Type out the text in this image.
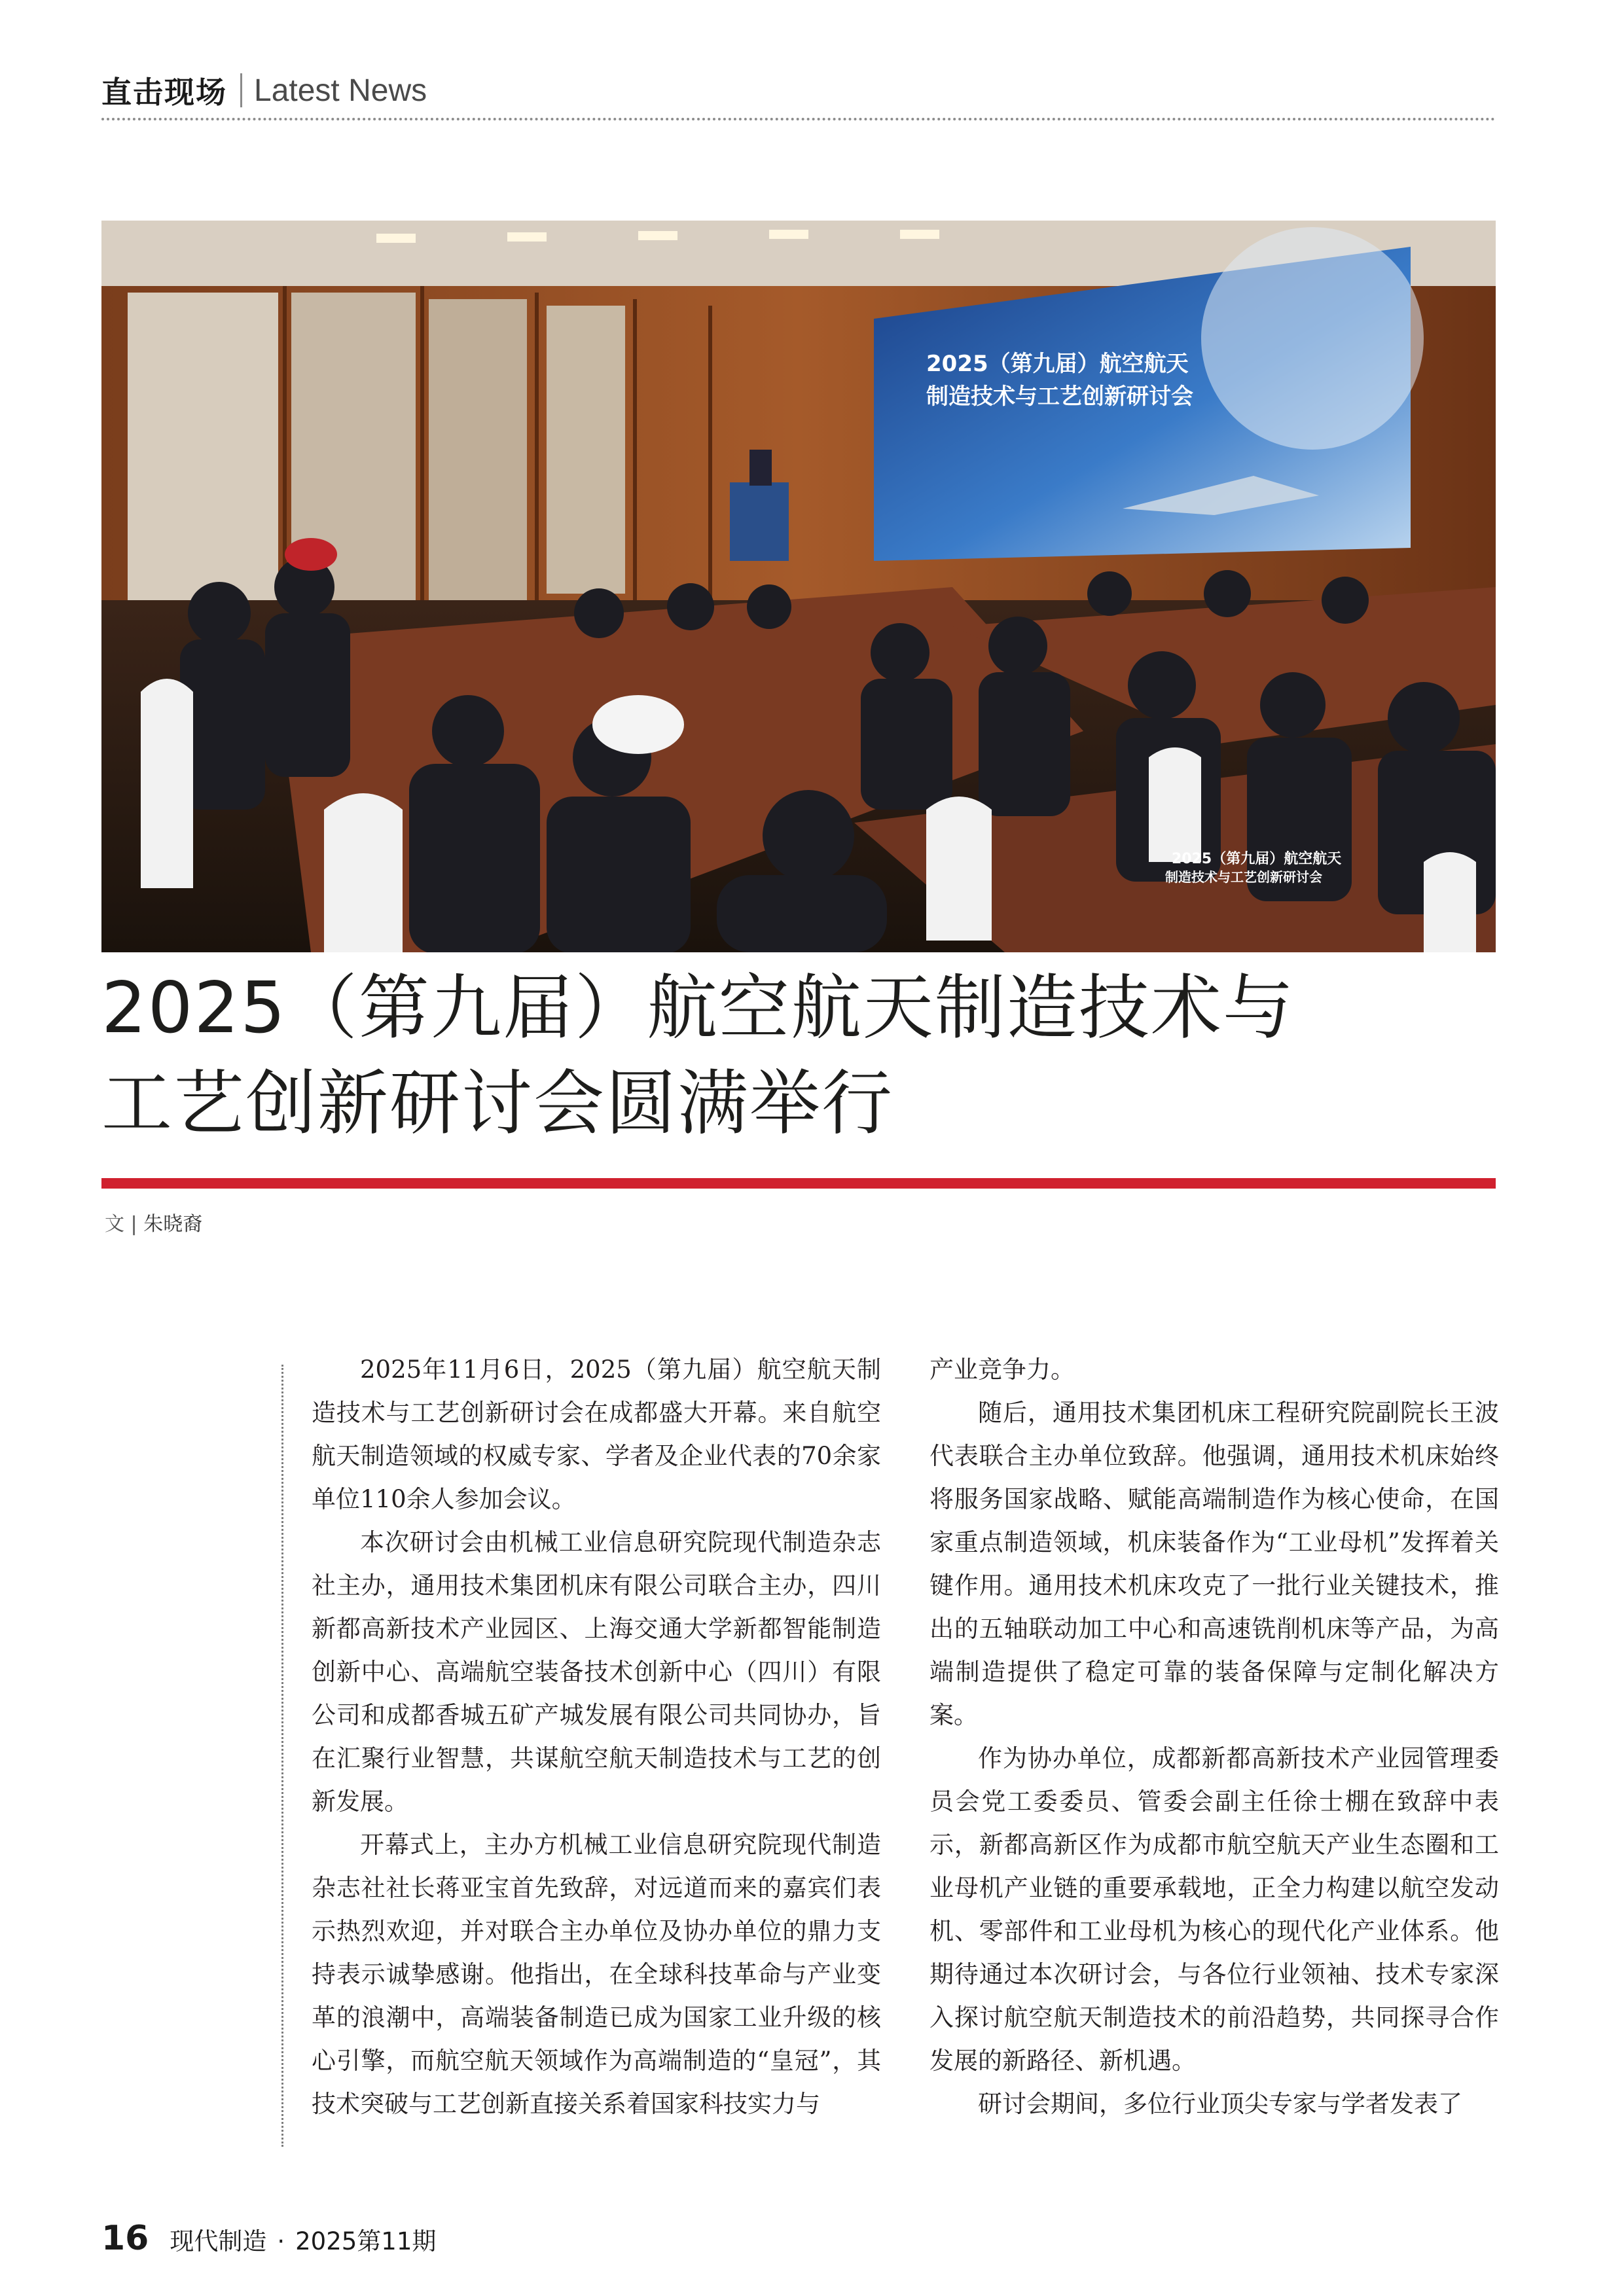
直击现场 Latest News
2025（第九届）航空航天
制造技术与工艺创新研讨会
2025（第九届）航空航天
制造技术与工艺创新研讨会
2025（第九届）航空航天制造技术与
工艺创新研讨会圆满举行
文 | 朱晓裔

2025年11月6日，2025（第九届）航空航天制造技术与工艺创新研讨会在成都盛大开幕。来自航空航天制造领域的权威专家、学者及企业代表的70余家单位110余人参加会议。

本次研讨会由机械工业信息研究院现代制造杂志社主办，通用技术集团机床有限公司联合主办，四川新都高新技术产业园区、上海交通大学新都智能制造创新中心、高端航空装备技术创新中心（四川）有限公司和成都香城五矿产城发展有限公司共同协办，旨在汇聚行业智慧，共谋航空航天制造技术与工艺的创新发展。

开幕式上，主办方机械工业信息研究院现代制造杂志社社长蒋亚宝首先致辞，对远道而来的嘉宾们表示热烈欢迎，并对联合主办单位及协办单位的鼎力支持表示诚挚感谢。他指出，在全球科技革命与产业变革的浪潮中，高端装备制造已成为国家工业升级的核心引擎，而航空航天领域作为高端制造的“皇冠”，其技术突破与工艺创新直接关系着国家科技实力与

产业竞争力。

随后，通用技术集团机床工程研究院副院长王波代表联合主办单位致辞。他强调，通用技术机床始终将服务国家战略、赋能高端制造作为核心使命，在国家重点制造领域，机床装备作为“工业母机”发挥着关键作用。通用技术机床攻克了一批行业关键技术，推出的五轴联动加工中心和高速铣削机床等产品，为高端制造提供了稳定可靠的装备保障与定制化解决方案。

作为协办单位，成都新都高新技术产业园管理委员会党工委委员、管委会副主任徐士棚在致辞中表示，新都高新区作为成都市航空航天产业生态圈和工业母机产业链的重要承载地，正全力构建以航空发动机、零部件和工业母机为核心的现代化产业体系。他期待通过本次研讨会，与各位行业领袖、技术专家深入探讨航空航天制造技术的前沿趋势，共同探寻合作发展的新路径、新机遇。

研讨会期间，多位行业顶尖专家与学者发表了

16 现代制造 · 2025第11期
